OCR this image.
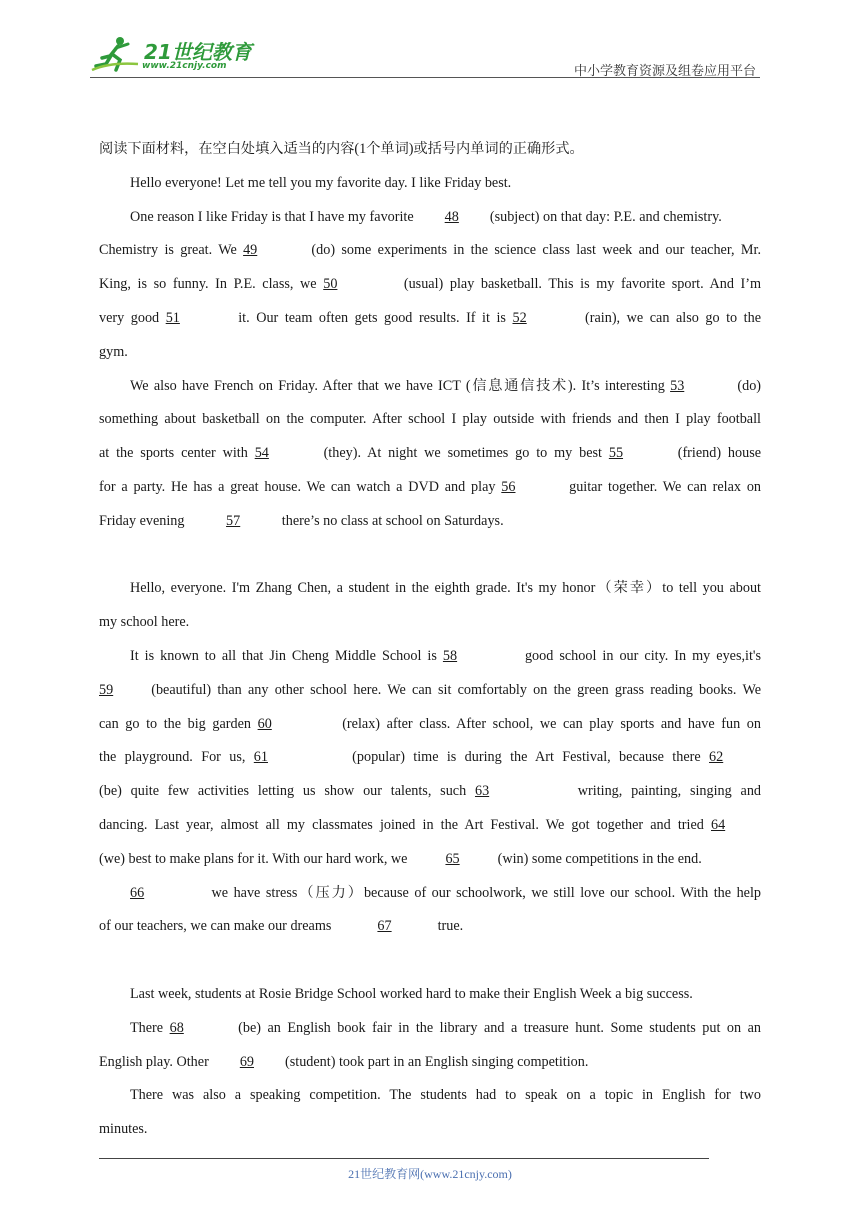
21世纪教育
www.21cnjy.com	中小学教育资源及组卷应用平台
阅读下面材料，在空白处填入适当的内容(1个单词)或括号内单词的正确形式。
Hello everyone! Let me tell you my favorite day. I like Friday best.
One reason I like Friday is that I have my favorite 48 (subject) on that day: P.E. and chemistry.
Chemistry is great. We 49	(do) some experiments in the science class last week and our teacher, Mr.
King, is so funny. In P.E. class, we 50	(usual) play basketball. This is my favorite sport. And I’m
very good 51	it. Our team often gets good results. If it is 52	(rain), we can also go to the
gym.
We also have French on Friday. After that we have ICT (信息通信技术). It’s interesting 53	(do)
something about basketball on the computer. After school I play outside with friends and then I play football
at the sports center with 54	(they). At night we sometimes go to my best 55	(friend) house
for a party. He has a great house. We can watch a DVD and play 56	guitar together. We can relax on
Friday evening	57	there’s no class at school on Saturdays.
Hello, everyone. I'm Zhang Chen, a student in the eighth grade. It's my honor（荣幸）to tell you about
my school here.
It is known to all that Jin Cheng Middle School is 58	good school in our city. In my eyes,it's
59	(beautiful) than any other school here. We can sit comfortably on the green grass reading books. We
can go to the big garden 60	(relax) after class. After school, we can play sports and have fun on
the playground. For us, 61	(popular) time is during the Art Festival, because there 62
(be) quite few activities letting us show our talents, such 63	writing, painting, singing and
dancing. Last year, almost all my classmates joined in the Art Festival. We got together and tried 64
(we) best to make plans for it. With our hard work, we	65	(win) some competitions in the end.
66	we have stress（压力）because of our schoolwork, we still love our school. With the help
of our teachers, we can make our dreams	67	true.
Last week, students at Rosie Bridge School worked hard to make their English Week a big success.
There 68	(be) an English book fair in the library and a treasure hunt. Some students put on an
English play. Other 69 (student) took part in an English singing competition.
There was also a speaking competition. The students had to speak on a topic in English for two
minutes.
21世纪教育网(www.21cnjy.com)
